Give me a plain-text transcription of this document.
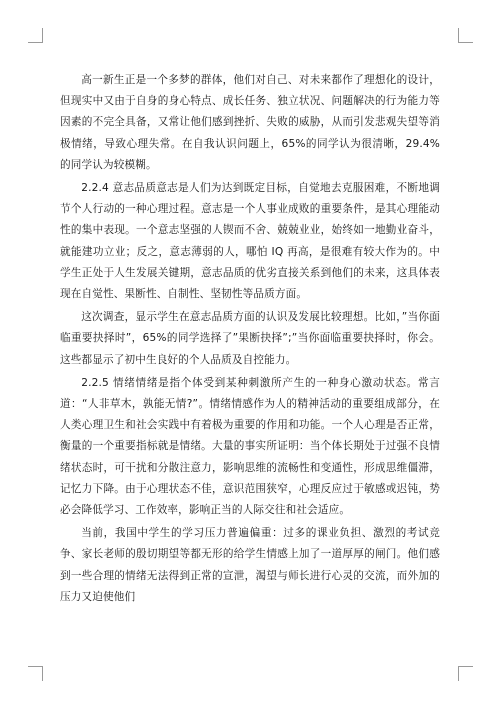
高一新生正是一个多梦的群体，他们对自己、对未来都作了理想化的设计，但现实中又由于自身的身心特点、成长任务、独立状况、问题解决的行为能力等因素的不完全具备，又常让他们感到挫折、失败的威胁，从而引发悲观失望等消极情绪，导致心理失常。在自我认识问题上，65%的同学认为很清晰，29.4%的同学认为较模糊。

2.2.4 意志品质意志是人们为达到既定目标，自觉地去克服困难，不断地调节个人行动的一种心理过程。意志是一个人事业成败的重要条件，是其心理能动性的集中表现。一个意志坚强的人锲而不舍、兢兢业业，始终如一地勤业奋斗，就能建功立业；反之，意志薄弱的人，哪怕 IQ 再高，是很难有较大作为的。中学生正处于人生发展关键期，意志品质的优劣直接关系到他们的未来，这具体表现在自觉性、果断性、自制性、坚韧性等品质方面。

这次调查，显示学生在意志品质方面的认识及发展比较理想。比如，”当你面临重要抉择时”，65%的同学选择了”果断抉择”;”当你面临重要抉择时，你会。这些都显示了初中生良好的个人品质及自控能力。

2.2.5 情绪情绪是指个体受到某种刺激所产生的一种身心激动状态。常言道：“人非草木，孰能无情?”。情绪情感作为人的精神活动的重要组成部分，在人类心理卫生和社会实践中有着极为重要的作用和功能。一个人心理是否正常，衡量的一个重要指标就是情绪。大量的事实所证明：当个体长期处于过强不良情绪状态时，可干扰和分散注意力，影响思维的流畅性和变通性，形成思维僵滞，记忆力下降。由于心理状态不佳，意识范围狭窄，心理反应过于敏感或迟钝，势必会降低学习、工作效率，影响正当的人际交往和社会适应。

当前，我国中学生的学习压力普遍偏重：过多的课业负担、激烈的考试竞争、家长老师的殷切期望等都无形的给学生情感上加了一道厚厚的闸门。他们感到一些合理的情绪无法得到正常的宣泄，渴望与师长进行心灵的交流，而外加的压力又迫使他们
